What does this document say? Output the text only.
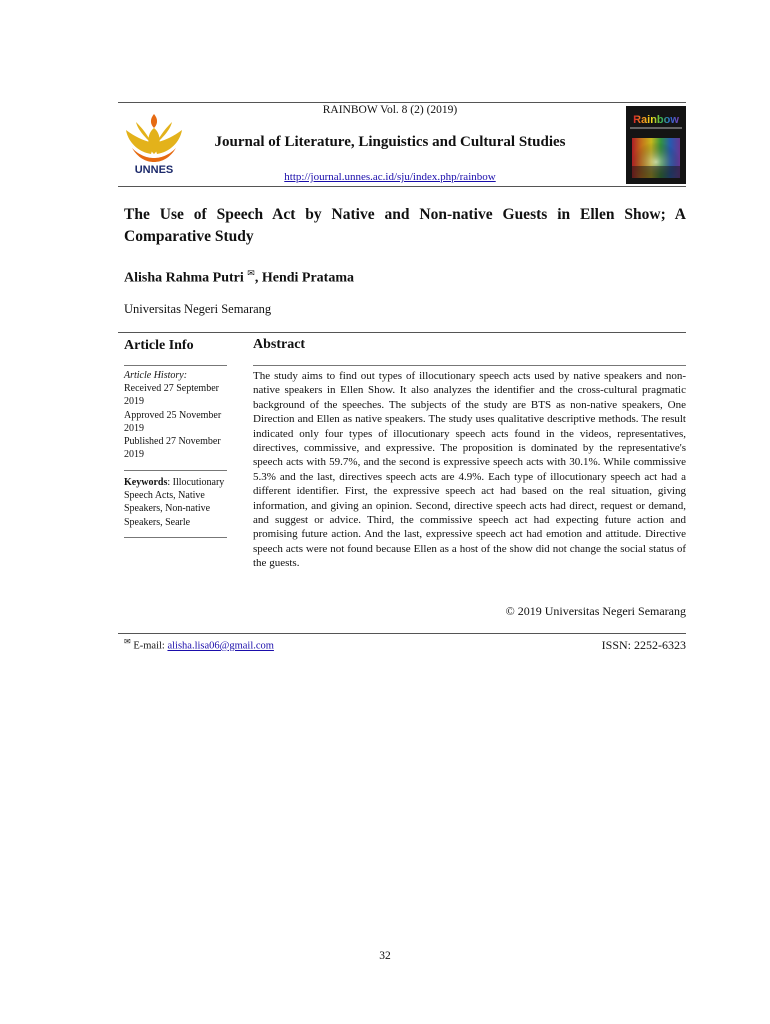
UNNES
RAINBOW Vol. 8 (2) (2019)
Journal of Literature, Linguistics and Cultural Studies
http://journal.unnes.ac.id/sju/index.php/rainbow
Rainbow
The Use of Speech Act by Native and Non-native Guests in Ellen Show; A Comparative Study
Alisha Rahma Putri ✉, Hendi Pratama
Universitas Negeri Semarang
Article Info	Abstract
Article History:
Received 27 September 2019
Approved 25 November 2019
Published 27 November 2019
Keywords: Illocutionary Speech Acts, Native Speakers, Non-native Speakers, Searle
The study aims to find out types of illocutionary speech acts used by native speakers and non-native speakers in Ellen Show. It also analyzes the identifier and the cross-cultural pragmatic background of the speeches. The subjects of the study are BTS as non-native speakers, One Direction and Ellen as native speakers. The study uses qualitative descriptive methods. The result indicated only four types of illocutionary speech acts found in the videos, representatives, directives, commissive, and expressive. The proposition is dominated by the representative's speech acts with 59.7%, and the second is expressive speech acts with 30.1%. While commissive 5.3% and the last, directives speech acts are 4.9%. Each type of illocutionary speech act had a different identifier. First, the expressive speech act had based on the real situation, giving information, and giving an opinion. Second, directive speech acts had direct, request or demand, and suggest or advice. Third, the commissive speech act had expecting future action and promising future action. And the last, expressive speech act had emotion and attitude. Directive speech acts were not found because Ellen as a host of the show did not change the social status of the guests.
© 2019 Universitas Negeri Semarang
✉ E-mail: alisha.lisa06@gmail.com	ISSN: 2252-6323
32
